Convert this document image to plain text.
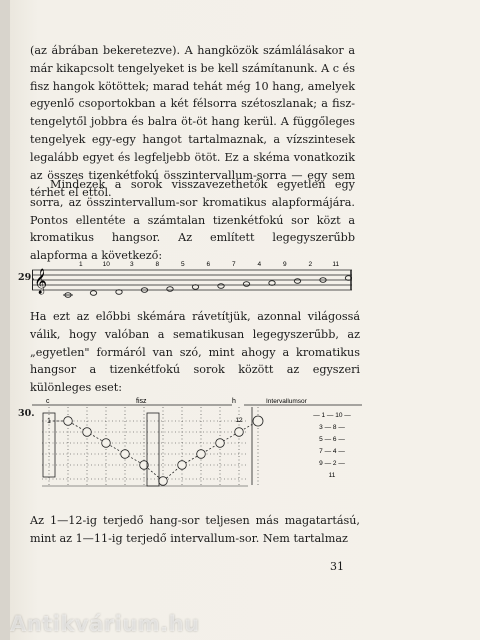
(az ábrában bekeretezve). A hangközök számlálásakor a már kikapcsolt tengelyeket is be kell számítanunk. A c és fisz hangok kötöttek; marad tehát még 10 hang, amelyek egyenlő csoportokban a két félsorra szétoszlanak; a fisz-tengelytől jobbra és balra öt-öt hang kerül. A függőleges tengelyek egy-egy hangot tartalmaznak, a vízszintesek legalább egyet és legfeljebb ötöt. Ez a skéma vonatkozik az összes tizenkétfokú összintervallum-sorra — egy sem térhet el ettől.

Mindezek a sorok visszavezethetők egyetlen egy sorra, az összintervallum-sor kromatikus alapformájára. Pontos ellentéte a számtalan tizenkétfokú sor közt a kromatikus hangsor. Az említett legegyszerűbb alapforma a következő:

29. 𝄞
1	10	3	8	5	6	7	4	9	2	11

Ha ezt az előbbi skémára rávetítjük, azonnal világossá válik, hogy valóban a sematikusan legegyszerűbb, az „egyetlen" formáról van szó, mint ahogy a kromatikus hangsor a tizenkétfokú sorok között az egyszeri különleges eset:

30.
c	fisz	h	Intervallumsor
1	12
— 1 — 10 —
3 — 8 —
5 — 6 —
7 — 4 —
9 — 2 —
11

Az 1—12-ig terjedő hang-sor teljesen más magatartású, mint az 1—11-ig terjedő intervallum-sor. Nem tartalmaz

31
Antikvárium.hu
